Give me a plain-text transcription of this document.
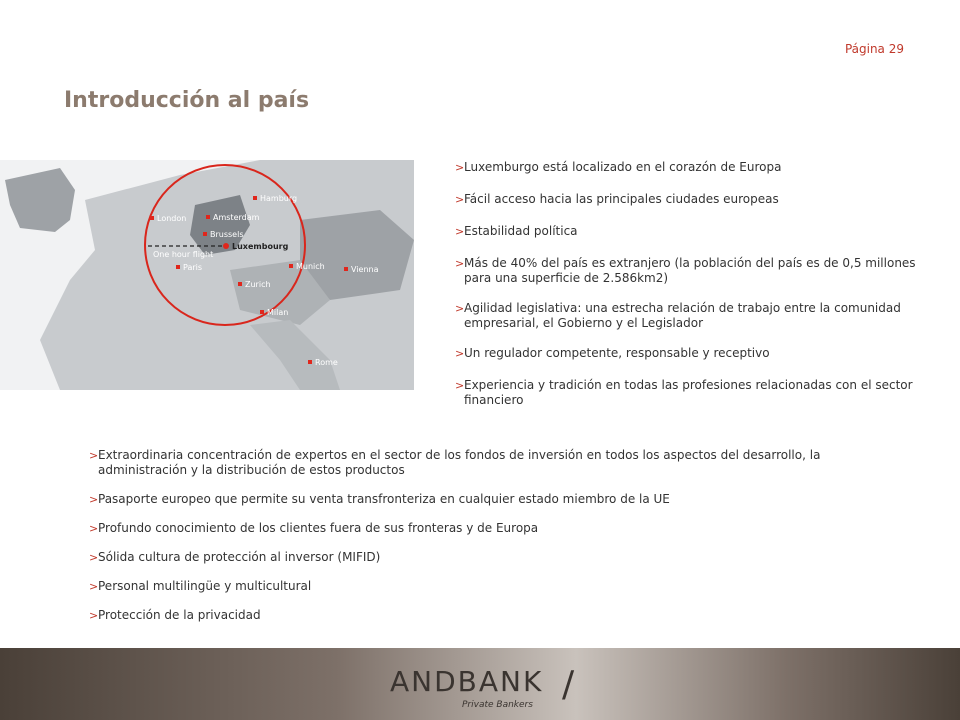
Página 29
Introducción al país
Hamburg
London	Amsterdam
Brussels
Luxembourg
One hour flight
Paris	Munich	Vienna
Zurich
Milan
Rome
> Luxemburgo está localizado en el corazón de Europa
> Fácil acceso hacia las principales ciudades europeas
> Estabilidad política
> Más de 40% del país es extranjero (la población del país es de 0,5 millones para una superficie de 2.586km2)
> Agilidad legislativa: una estrecha relación de trabajo entre la comunidad empresarial, el Gobierno y el Legislador
> Un regulador competente, responsable y receptivo
> Experiencia y tradición en todas las profesiones relacionadas con el sector financiero
> Extraordinaria concentración de expertos en el sector de los fondos de inversión en todos los aspectos del desarrollo, la administración y la distribución de estos productos
> Pasaporte europeo que permite su venta transfronteriza en cualquier estado miembro de la UE
> Profundo conocimiento de los clientes fuera de sus fronteras y de Europa
> Sólida cultura de protección al inversor (MIFID)
> Personal multilingüe y multicultural
> Protección de la privacidad
ANDBANK
Private Bankers /
